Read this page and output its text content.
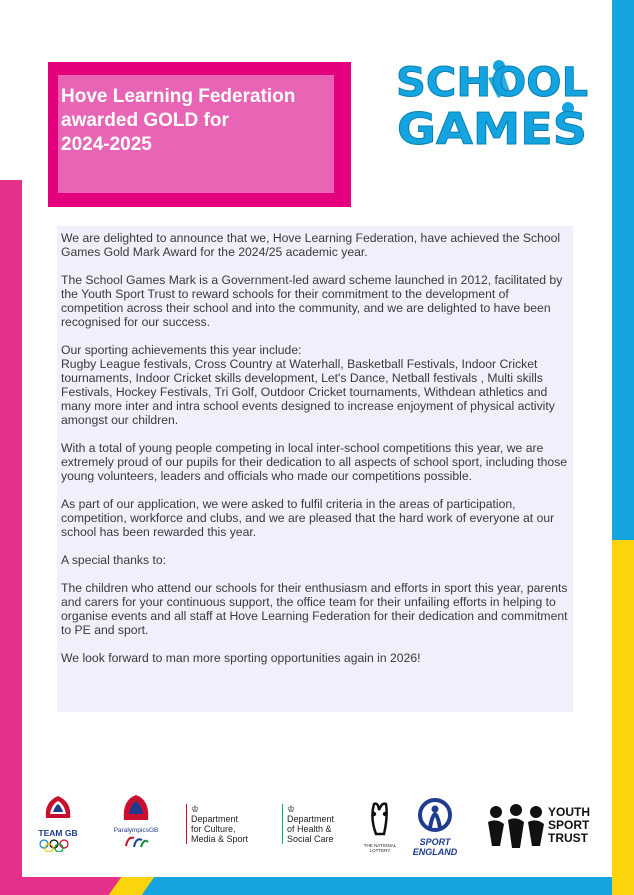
Hove Learning Federation
awarded GOLD for
2024-2025
SCHOOL
GAMES

We are delighted to announce that we, Hove Learning Federation, have achieved the School Games Gold Mark Award for the 2024/25 academic year.

The School Games Mark is a Government-led award scheme launched in 2012, facilitated by the Youth Sport Trust to reward schools for their commitment to the development of competition across their school and into the community, and we are delighted to have been recognised for our success.

Our sporting achievements this year include:
Rugby League festivals, Cross Country at Waterhall, Basketball Festivals, Indoor Cricket tournaments, Indoor Cricket skills development, Let's Dance, Netball festivals , Multi skills Festivals, Hockey Festivals, Tri Golf, Outdoor Cricket tournaments, Withdean athletics and many more inter and intra school events designed to increase enjoyment of physical activity amongst our children.

With a total of young people competing in local inter-school competitions this year, we are extremely proud of our pupils for their dedication to all aspects of school sport, including those young volunteers, leaders and officials who made our competitions possible.

As part of our application, we were asked to fulfil criteria in the areas of participation, competition, workforce and clubs, and we are pleased that the hard work of everyone at our school has been rewarded this year.

A special thanks to:

The children who attend our schools for their enthusiasm and efforts in sport this year, parents and carers for your continuous support, the office team for their unfailing efforts in helping to organise events and all staff at Hove Learning Federation for their dedication and commitment to PE and sport.

We look forward to man more sporting opportunities again in 2026!

TEAM GB	ParalympicsGB
♔
Department
for Culture,
Media & Sport
♔
Department
of Health &
Social Care
THE NATIONAL
LOTTERY
SPORT
ENGLAND
YOUTH
SPORT
TRUST
